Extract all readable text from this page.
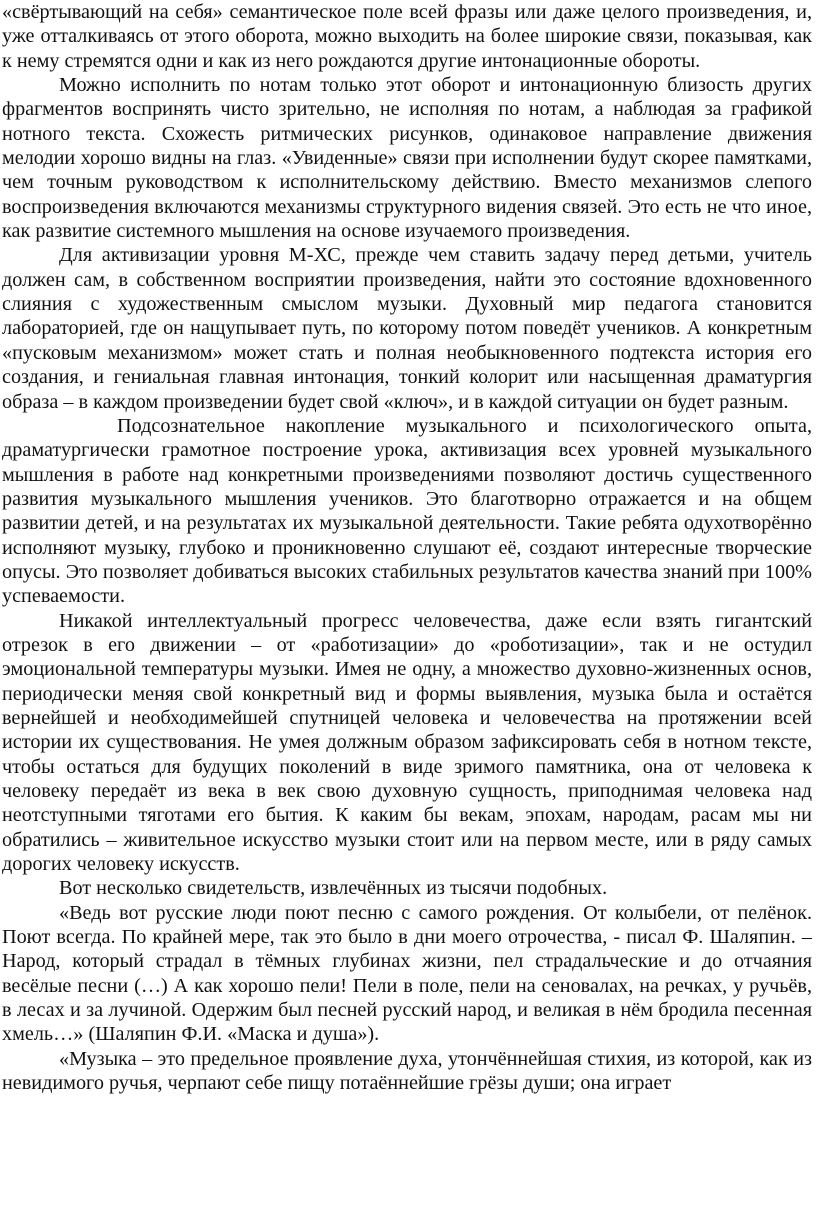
«свёртывающий на себя» семантическое поле всей фразы или даже целого произведения, и, уже отталкиваясь от этого оборота, можно выходить на более широкие связи, показывая, как к нему стремятся одни и как из него рождаются другие интонационные обороты.

Можно исполнить по нотам только этот оборот и интонационную близость других фрагментов воспринять чисто зрительно, не исполняя по нотам, а наблюдая за графикой нотного текста. Схожесть ритмических рисунков, одинаковое направление движения мелодии хорошо видны на глаз. «Увиденные» связи при исполнении будут скорее памятками, чем точным руководством к исполнительскому действию. Вместо механизмов слепого воспроизведения включаются механизмы структурного видения связей. Это есть не что иное, как развитие системного мышления на основе изучаемого произведения.

Для активизации уровня М-ХС, прежде чем ставить задачу перед детьми, учитель должен сам, в собственном восприятии произведения, найти это состояние вдохновенного слияния с художественным смыслом музыки. Духовный мир педагога становится лабораторией, где он нащупывает путь, по которому потом поведёт учеников. А конкретным «пусковым механизмом» может стать и полная необыкновенного подтекста история его создания, и гениальная главная интонация, тонкий колорит или насыщенная драматургия образа – в каждом произведении будет свой «ключ», и в каждой ситуации он будет разным.

Подсознательное накопление музыкального и психологического опыта, драматургически грамотное построение урока, активизация всех уровней музыкального мышления в работе над конкретными произведениями позволяют достичь существенного развития музыкального мышления учеников. Это благотворно отражается и на общем развитии детей, и на результатах их музыкальной деятельности. Такие ребята одухотворённо исполняют музыку, глубоко и проникновенно слушают её, создают интересные творческие опусы. Это позволяет добиваться высоких стабильных результатов качества знаний при 100% успеваемости.

Никакой интеллектуальный прогресс человечества, даже если взять гигантский отрезок в его движении – от «работизации» до «роботизации», так и не остудил эмоциональной температуры музыки. Имея не одну, а множество духовно-жизненных основ, периодически меняя свой конкретный вид и формы выявления, музыка была и остаётся вернейшей и необходимейшей спутницей человека и человечества на протяжении всей истории их существования. Не умея должным образом зафиксировать себя в нотном тексте, чтобы остаться для будущих поколений в виде зримого памятника, она от человека к человеку передаёт из века в век свою духовную сущность, приподнимая человека над неотступными тяготами его бытия. К каким бы векам, эпохам, народам, расам мы ни обратились – живительное искусство музыки стоит или на первом месте, или в ряду самых дорогих человеку искусств.

Вот несколько свидетельств, извлечённых из тысячи подобных.

«Ведь вот русские люди поют песню с самого рождения. От колыбели, от пелёнок. Поют всегда. По крайней мере, так это было в дни моего отрочества, - писал Ф. Шаляпин. – Народ, который страдал в тёмных глубинах жизни, пел страдальческие и до отчаяния весёлые песни (…) А как хорошо пели! Пели в поле, пели на сеновалах, на речках, у ручьёв, в лесах и за лучиной. Одержим был песней русский народ, и великая в нём бродила песенная хмель…» (Шаляпин Ф.И. «Маска и душа»).

«Музыка – это предельное проявление духа, утончённейшая стихия, из которой, как из невидимого ручья, черпают себе пищу потаённейшие грёзы души; она играет
